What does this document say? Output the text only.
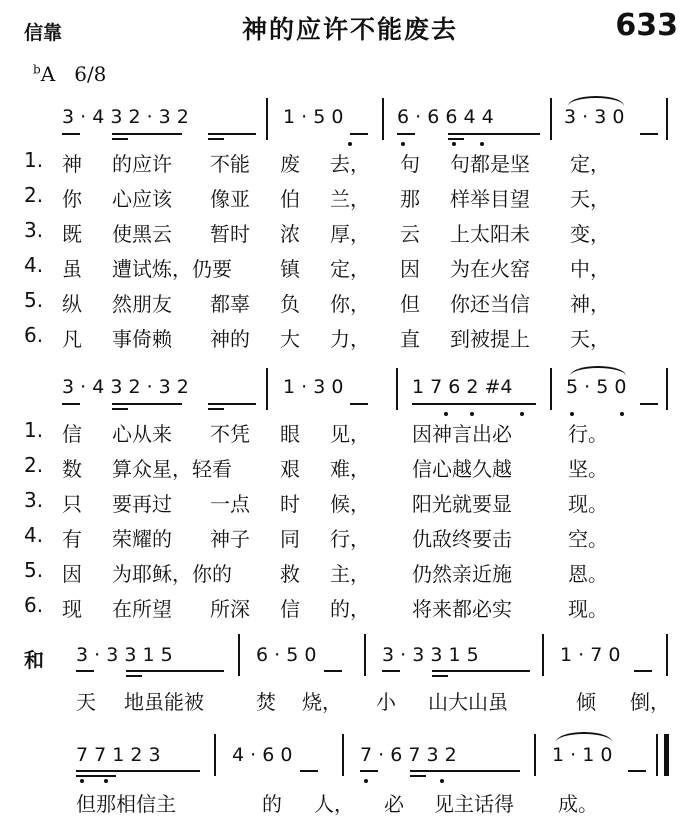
信靠	神的应许不能废去	633
$^b$A 6/8
3 · 4 3 2 · 3 2	1 · 5 0	6 · 6 6 4 4	3 · 3 0
1. 神 的应许 不能 废 去， 句 句都是坚 定，
2. 你 心应该 像亚 伯 兰， 那 样举目望 天，
3. 既 使黑云 暂时 浓 厚， 云 上太阳未 变，
4. 虽 遭试炼，仍要 镇 定， 因 为在火窑 中，
5. 纵 然朋友 都辜 负 你， 但 你还当信 神，
6. 凡 事倚赖 神的 大 力， 直 到被提上 天，
3 · 4 3 2 · 3 2	1 · 3 0	1 7 6 2 #4	5 · 5 0
1. 信 心从来 不凭 眼 见， 因神言出必	行。
2. 数 算众星，轻看 艰 难， 信心越久越	坚。
3. 只 要再过 一点 时 候， 阳光就要显	现。
4. 有 荣耀的 神子 同 行， 仇敌终要击	空。
5. 因 为耶稣，你的 救 主， 仍然亲近施	恩。
6. 现 在所望 所深 信 的， 将来都必实	现。
和 3 · 3 3 1 5	6 · 5 0	3 · 3 3 1 5	1 · 7 0
天 地虽能被	焚 烧， 小 山大山虽	倾 倒，
7 7 1 2 3	4 · 6 0	7 · 6 7 3 2	1 · 1 0
但那相信主	的 人， 必 见主话得 成。
